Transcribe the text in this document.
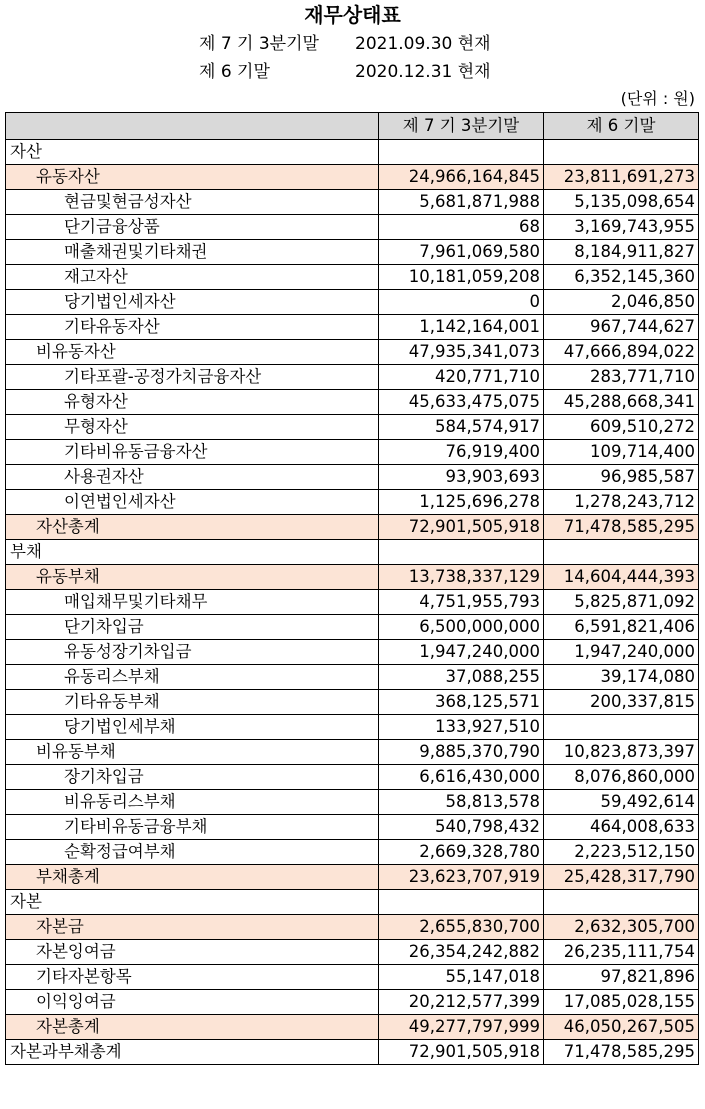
재무상태표
제 7 기 3분기말 2021.09.30 현재
제 6 기말	2020.12.31 현재
(단위 : 원)
	제 7 기 3분기말	제 6 기말
자산		
유동자산	24,966,164,845	23,811,691,273
현금및현금성자산	5,681,871,988	5,135,098,654
단기금융상품	68	3,169,743,955
매출채권및기타채권	7,961,069,580	8,184,911,827
재고자산	10,181,059,208	6,352,145,360
당기법인세자산	0	2,046,850
기타유동자산	1,142,164,001	967,744,627
비유동자산	47,935,341,073	47,666,894,022
기타포괄-공정가치금융자산	420,771,710	283,771,710
유형자산	45,633,475,075	45,288,668,341
무형자산	584,574,917	609,510,272
기타비유동금융자산	76,919,400	109,714,400
사용권자산	93,903,693	96,985,587
이연법인세자산	1,125,696,278	1,278,243,712
자산총계	72,901,505,918	71,478,585,295
부채		
유동부채	13,738,337,129	14,604,444,393
매입채무및기타채무	4,751,955,793	5,825,871,092
단기차입금	6,500,000,000	6,591,821,406
유동성장기차입금	1,947,240,000	1,947,240,000
유동리스부채	37,088,255	39,174,080
기타유동부채	368,125,571	200,337,815
당기법인세부채	133,927,510	
비유동부채	9,885,370,790	10,823,873,397
장기차입금	6,616,430,000	8,076,860,000
비유동리스부채	58,813,578	59,492,614
기타비유동금융부채	540,798,432	464,008,633
순확정급여부채	2,669,328,780	2,223,512,150
부채총계	23,623,707,919	25,428,317,790
자본		
자본금	2,655,830,700	2,632,305,700
자본잉여금	26,354,242,882	26,235,111,754
기타자본항목	55,147,018	97,821,896
이익잉여금	20,212,577,399	17,085,028,155
자본총계	49,277,797,999	46,050,267,505
자본과부채총계	72,901,505,918	71,478,585,295
